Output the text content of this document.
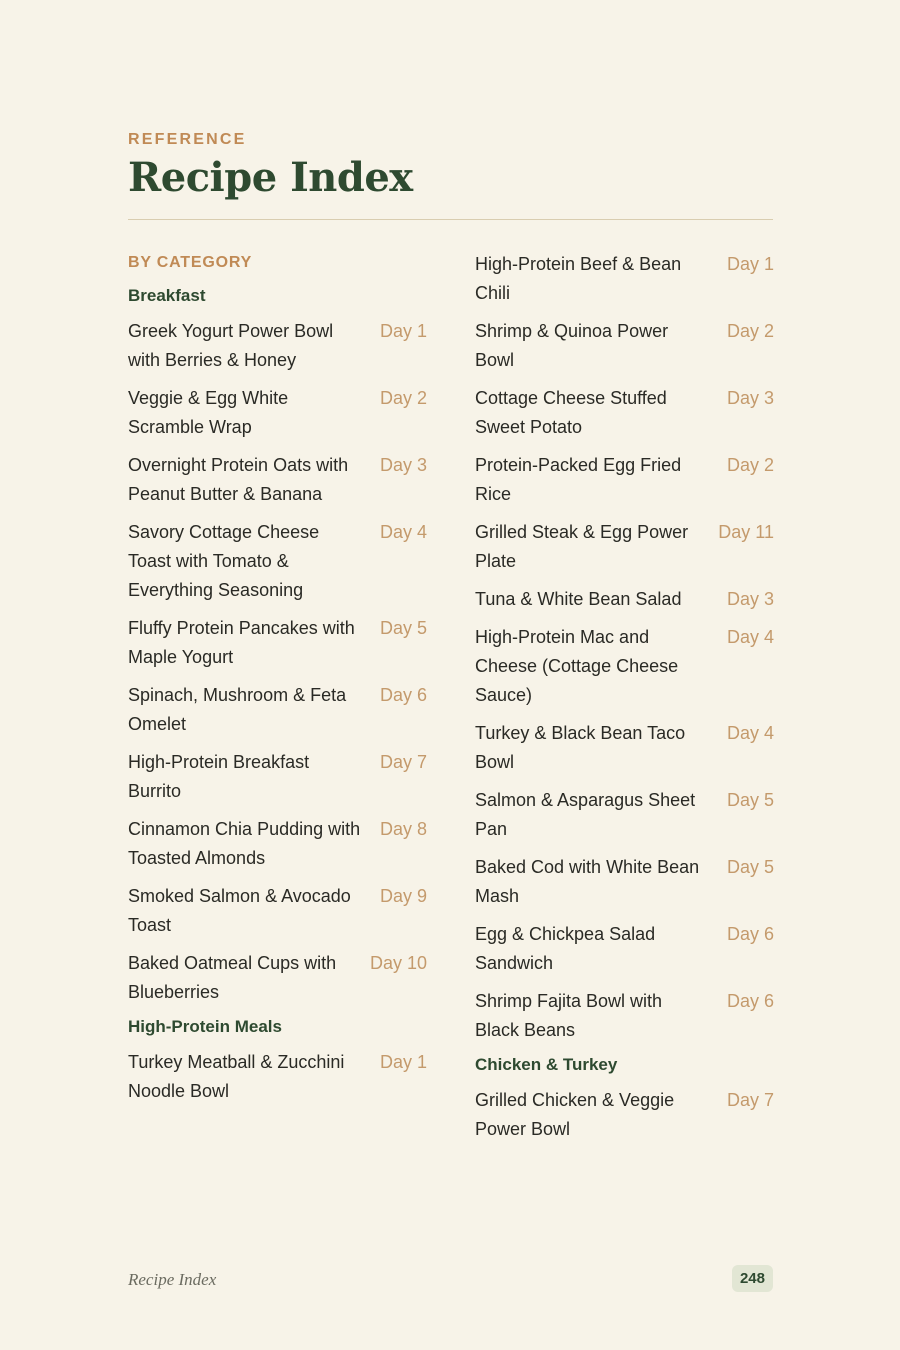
REFERENCE
Recipe Index
BY CATEGORY
Breakfast
Greek Yogurt Power Bowl with Berries & Honey
Day 1
Veggie & Egg White Scramble Wrap
Day 2
Overnight Protein Oats with Peanut Butter & Banana
Day 3
Savory Cottage Cheese Toast with Tomato & Everything Seasoning
Day 4
Fluffy Protein Pancakes with Maple Yogurt
Day 5
Spinach, Mushroom & Feta Omelet
Day 6
High-Protein Breakfast Burrito
Day 7
Cinnamon Chia Pudding with Toasted Almonds
Day 8
Smoked Salmon & Avocado Toast
Day 9
Baked Oatmeal Cups with Blueberries
Day 10
High-Protein Meals
Turkey Meatball & Zucchini Noodle Bowl
Day 1
High-Protein Beef & Bean Chili
Day 1
Shrimp & Quinoa Power Bowl
Day 2
Cottage Cheese Stuffed Sweet Potato
Day 3
Protein-Packed Egg Fried Rice
Day 2
Grilled Steak & Egg Power Plate
Day 11
Tuna & White Bean Salad	Day 3
High-Protein Mac and Cheese (Cottage Cheese Sauce)
Day 4
Turkey & Black Bean Taco Bowl
Day 4
Salmon & Asparagus Sheet Pan
Day 5
Baked Cod with White Bean Mash
Day 5
Egg & Chickpea Salad Sandwich
Day 6
Shrimp Fajita Bowl with Black Beans
Day 6
Chicken & Turkey
Grilled Chicken & Veggie Power Bowl
Day 7
Recipe Index	248
